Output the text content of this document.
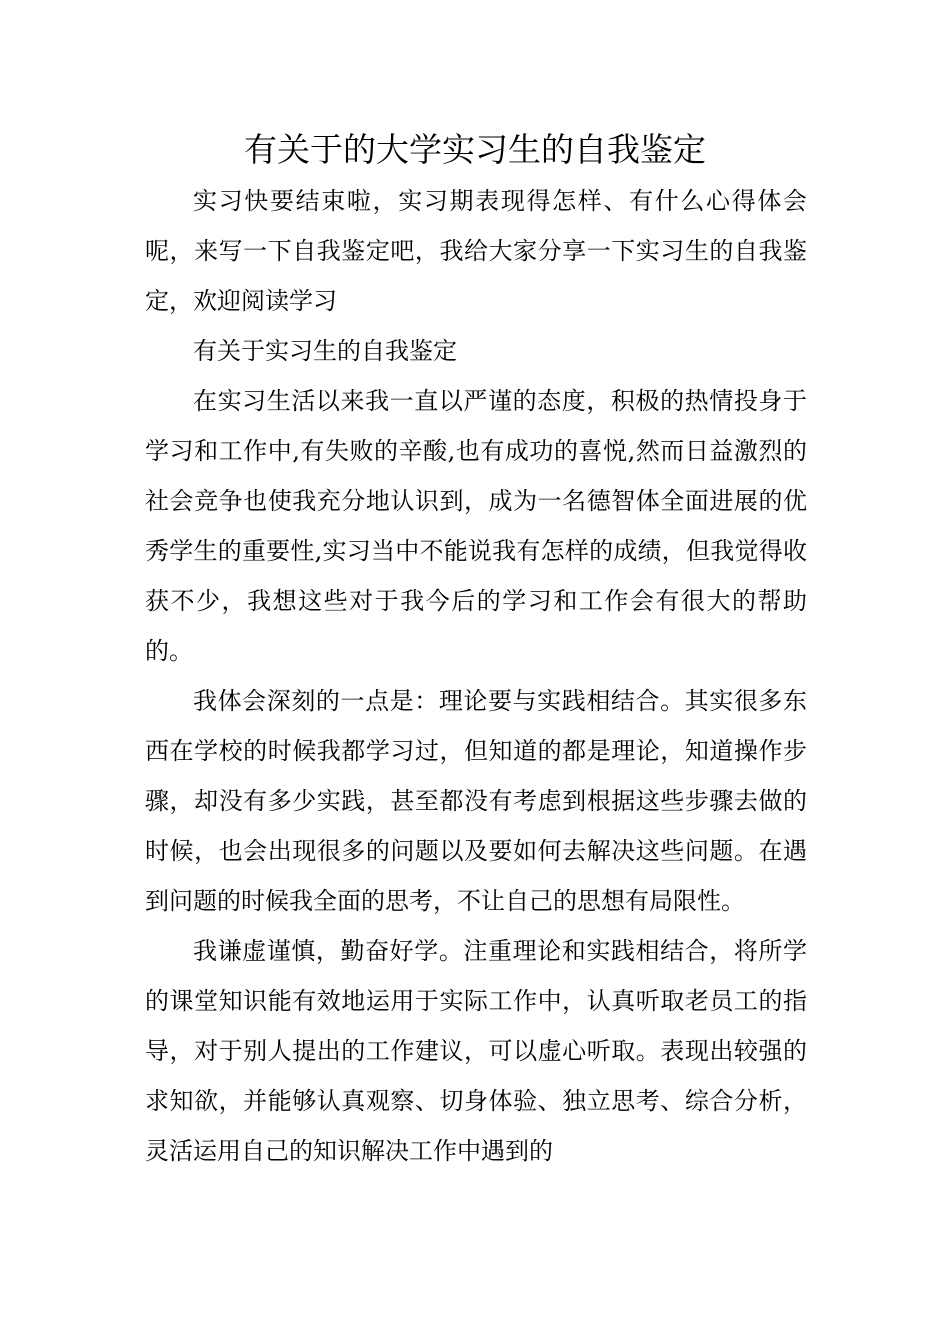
有关于的大学实习生的自我鉴定

实习快要结束啦，实习期表现得怎样、有什么心得体会呢，来写一下自我鉴定吧，我给大家分享一下实习生的自我鉴定，欢迎阅读学习

有关于实习生的自我鉴定

在实习生活以来我一直以严谨的态度，积极的热情投身于学习和工作中,有失败的辛酸,也有成功的喜悦,然而日益激烈的社会竞争也使我充分地认识到，成为一名德智体全面进展的优秀学生的重要性,实习当中不能说我有怎样的成绩，但我觉得收获不少，我想这些对于我今后的学习和工作会有很大的帮助的。

我体会深刻的一点是：理论要与实践相结合。其实很多东西在学校的时候我都学习过，但知道的都是理论，知道操作步骤，却没有多少实践，甚至都没有考虑到根据这些步骤去做的时候，也会出现很多的问题以及要如何去解决这些问题。在遇到问题的时候我全面的思考，不让自己的思想有局限性。

我谦虚谨慎，勤奋好学。注重理论和实践相结合，将所学的课堂知识能有效地运用于实际工作中，认真听取老员工的指导，对于别人提出的工作建议，可以虚心听取。表现出较强的求知欲，并能够认真观察、切身体验、独立思考、综合分析，灵活运用自己的知识解决工作中遇到的
